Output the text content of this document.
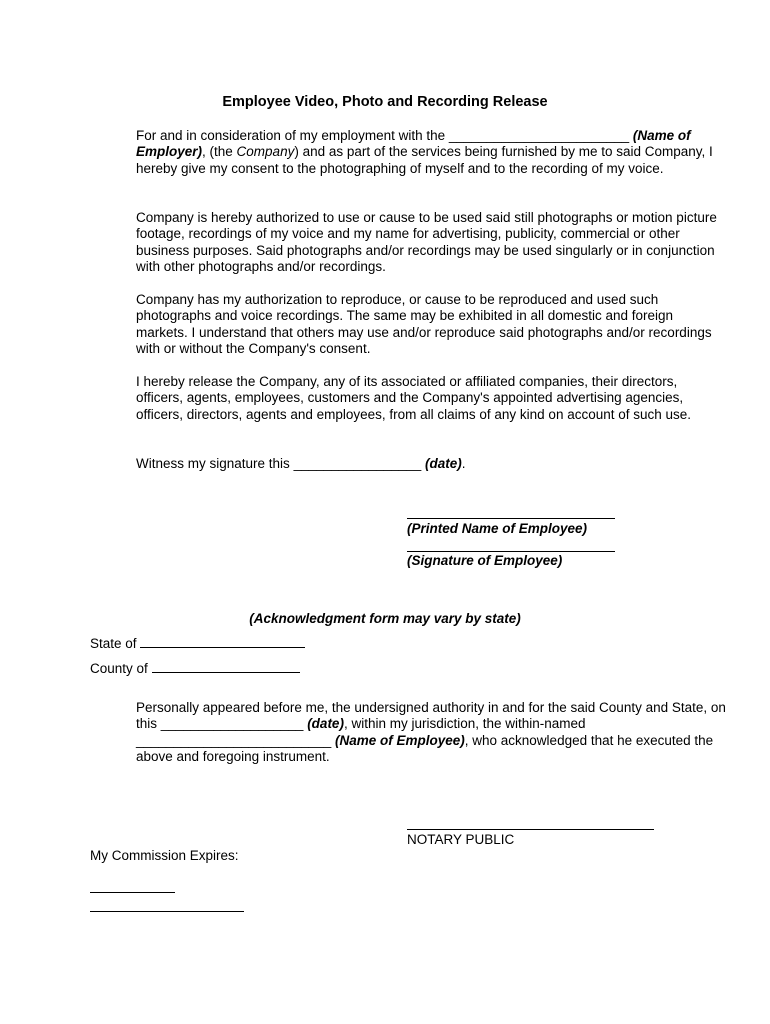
Employee Video, Photo and Recording Release

For and in consideration of my employment with the ________________________ (Name of Employer), (the Company) and as part of the services being furnished by me to said Company, I hereby give my consent to the photographing of myself and to the recording of my voice.

Company is hereby authorized to use or cause to be used said still photographs or motion picture footage, recordings of my voice and my name for advertising, publicity, commercial or other business purposes. Said photographs and/or recordings may be used singularly or in conjunction with other photographs and/or recordings.

Company has my authorization to reproduce, or cause to be reproduced and used such photographs and voice recordings. The same may be exhibited in all domestic and foreign markets. I understand that others may use and/or reproduce said photographs and/or recordings with or without the Company's consent.

I hereby release the Company, any of its associated or affiliated companies, their directors, officers, agents, employees, customers and the Company's appointed advertising agencies, officers, directors, agents and employees, from all claims of any kind on account of such use.

Witness my signature this _________________ (date).

(Printed Name of Employee)
(Signature of Employee)
(Acknowledgment form may vary by state)
State of
County of

Personally appeared before me, the undersigned authority in and for the said County and State, on this ___________________ (date), within my jurisdiction, the within-named __________________________ (Name of Employee), who acknowledged that he executed the above and foregoing instrument.

NOTARY PUBLIC
My Commission Expires:
